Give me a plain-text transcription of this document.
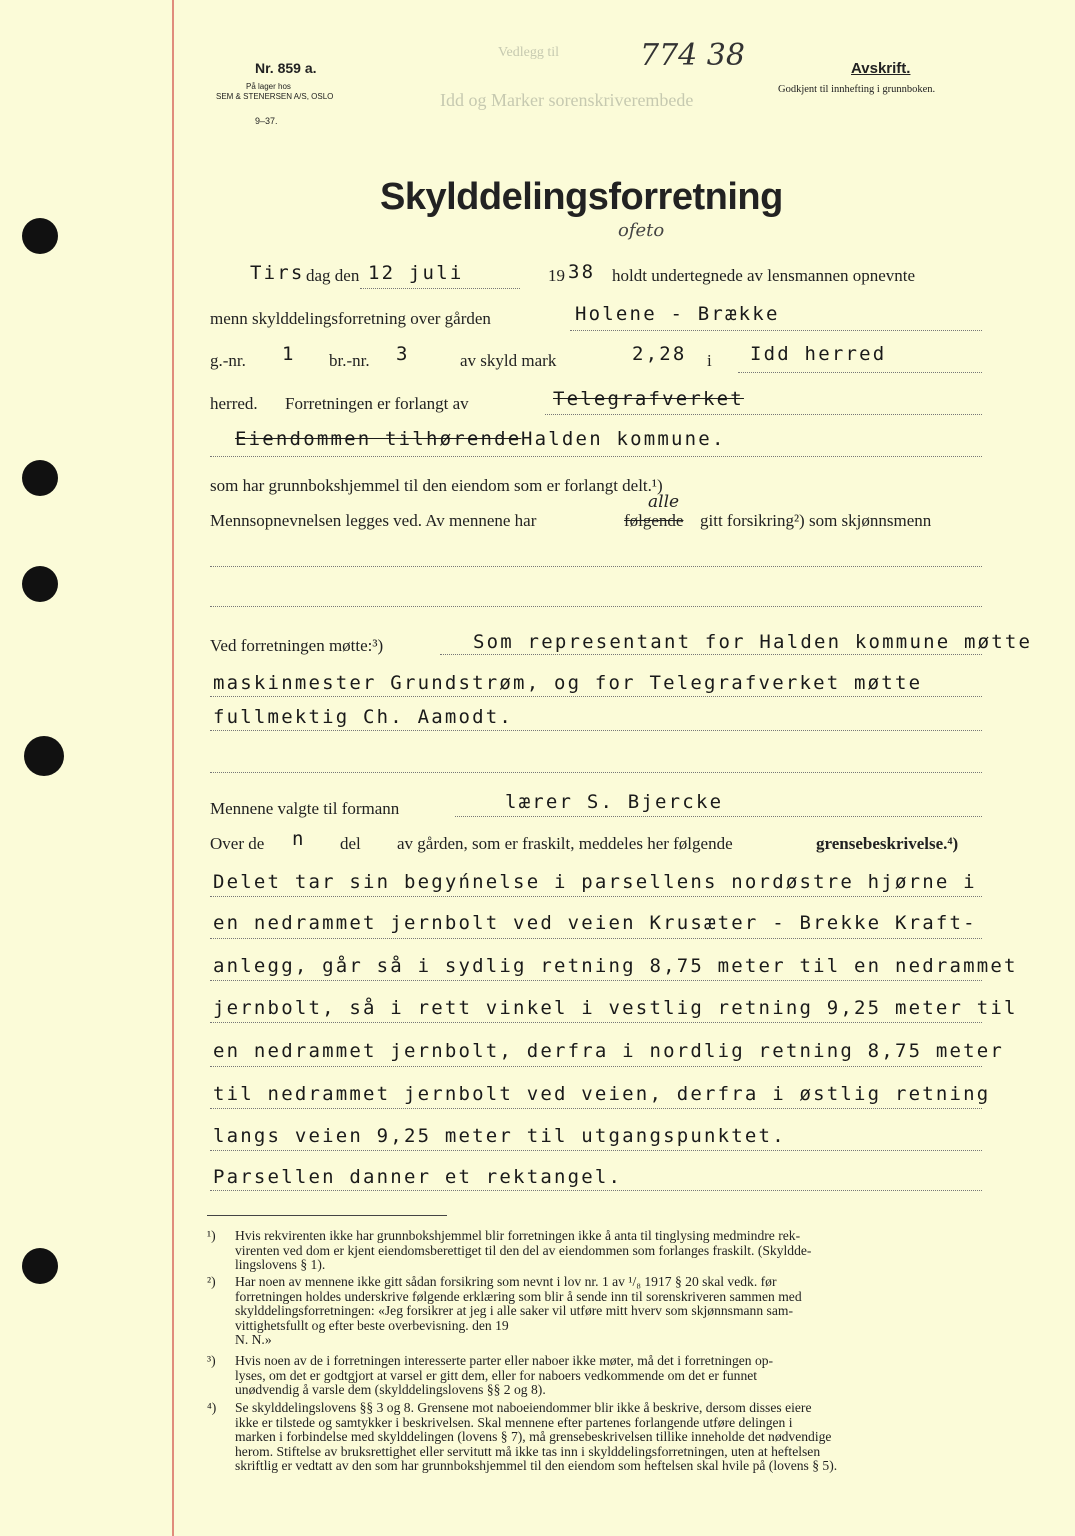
Nr. 859 a.
På lager hos
SEM & STENERSEN A/S, OSLO
9–37.
Vedlegg til
Idd og Marker sorenskriverembede
774 38	Avskrift.
Godkjent til innhefting i grunnboken.
Skylddelingsforretning
ofeto
Tirs dag den 12 juli	19 38 holdt undertegnede av lensmannen opnevnte
menn skylddelingsforretning over gården	Holene - Brække
g.-nr. 1 br.-nr. 3	av skyld mark	2,28 i Idd herred
herred. Forretningen er forlangt av	Telegrafverket
Eiendommen tilhørende Halden kommune.
som har grunnbokshjemmel til den eiendom som er forlangt delt.¹)
Mennsopnevnelsen legges ved. Av mennene har	følgende
alle
gitt forsikring²) som skjønnsmenn
Ved forretningen møtte:³)	Som representant for Halden kommune møtte
maskinmester Grundstrøm, og for Telegrafverket møtte
fullmektig Ch. Aamodt.
Mennene valgte til formann	lærer S. Bjercke
Over de n del av gården, som er fraskilt, meddeles her følgende	grensebeskrivelse.⁴)
Delet tar sin begyńnelse i parsellens nordøstre hjørne i
en nedrammet jernbolt ved veien Krusæter - Brekke Kraft-
anlegg, går så i sydlig retning 8,75 meter til en nedrammet
jernbolt, så i rett vinkel i vestlig retning 9,25 meter til
en nedrammet jernbolt, derfra i nordlig retning 8,75 meter
til nedrammet jernbolt ved veien, derfra i østlig retning
langs veien 9,25 meter til utgangspunktet.
Parsellen danner et rektangel.
¹) Hvis rekvirenten ikke har grunnbokshjemmel blir forretningen ikke å anta til tinglysing medmindre rek-
virenten ved dom er kjent eiendomsberettiget til den del av eiendommen som forlanges fraskilt. (Skyldde-
lingslovens § 1).
²) Har noen av mennene ikke gitt sådan forsikring som nevnt i lov nr. 1 av ¹/₈ 1917 § 20 skal vedk. før
forretningen holdes underskrive følgende erklæring som blir å sende inn til sorenskriveren sammen med
skylddelingsforretningen: «Jeg forsikrer at jeg i alle saker vil utføre mitt hverv som skjønnsmann sam-
vittighetsfullt og efter beste overbevisning. den 19
N. N.»
³) Hvis noen av de i forretningen interesserte parter eller naboer ikke møter, må det i forretningen op-
lyses, om det er godtgjort at varsel er gitt dem, eller for naboers vedkommende om det er funnet
unødvendig å varsle dem (skylddelingslovens §§ 2 og 8).
⁴) Se skylddelingslovens §§ 3 og 8. Grensene mot naboeiendommer blir ikke å beskrive, dersom disses eiere
ikke er tilstede og samtykker i beskrivelsen. Skal mennene efter partenes forlangende utføre delingen i
marken i forbindelse med skylddelingen (lovens § 7), må grensebeskrivelsen tillike inneholde det nødvendige
herom. Stiftelse av bruksrettighet eller servitutt må ikke tas inn i skylddelingsforretningen, uten at heftelsen
skriftlig er vedtatt av den som har grunnbokshjemmel til den eiendom som heftelsen skal hvile på (lovens § 5).
